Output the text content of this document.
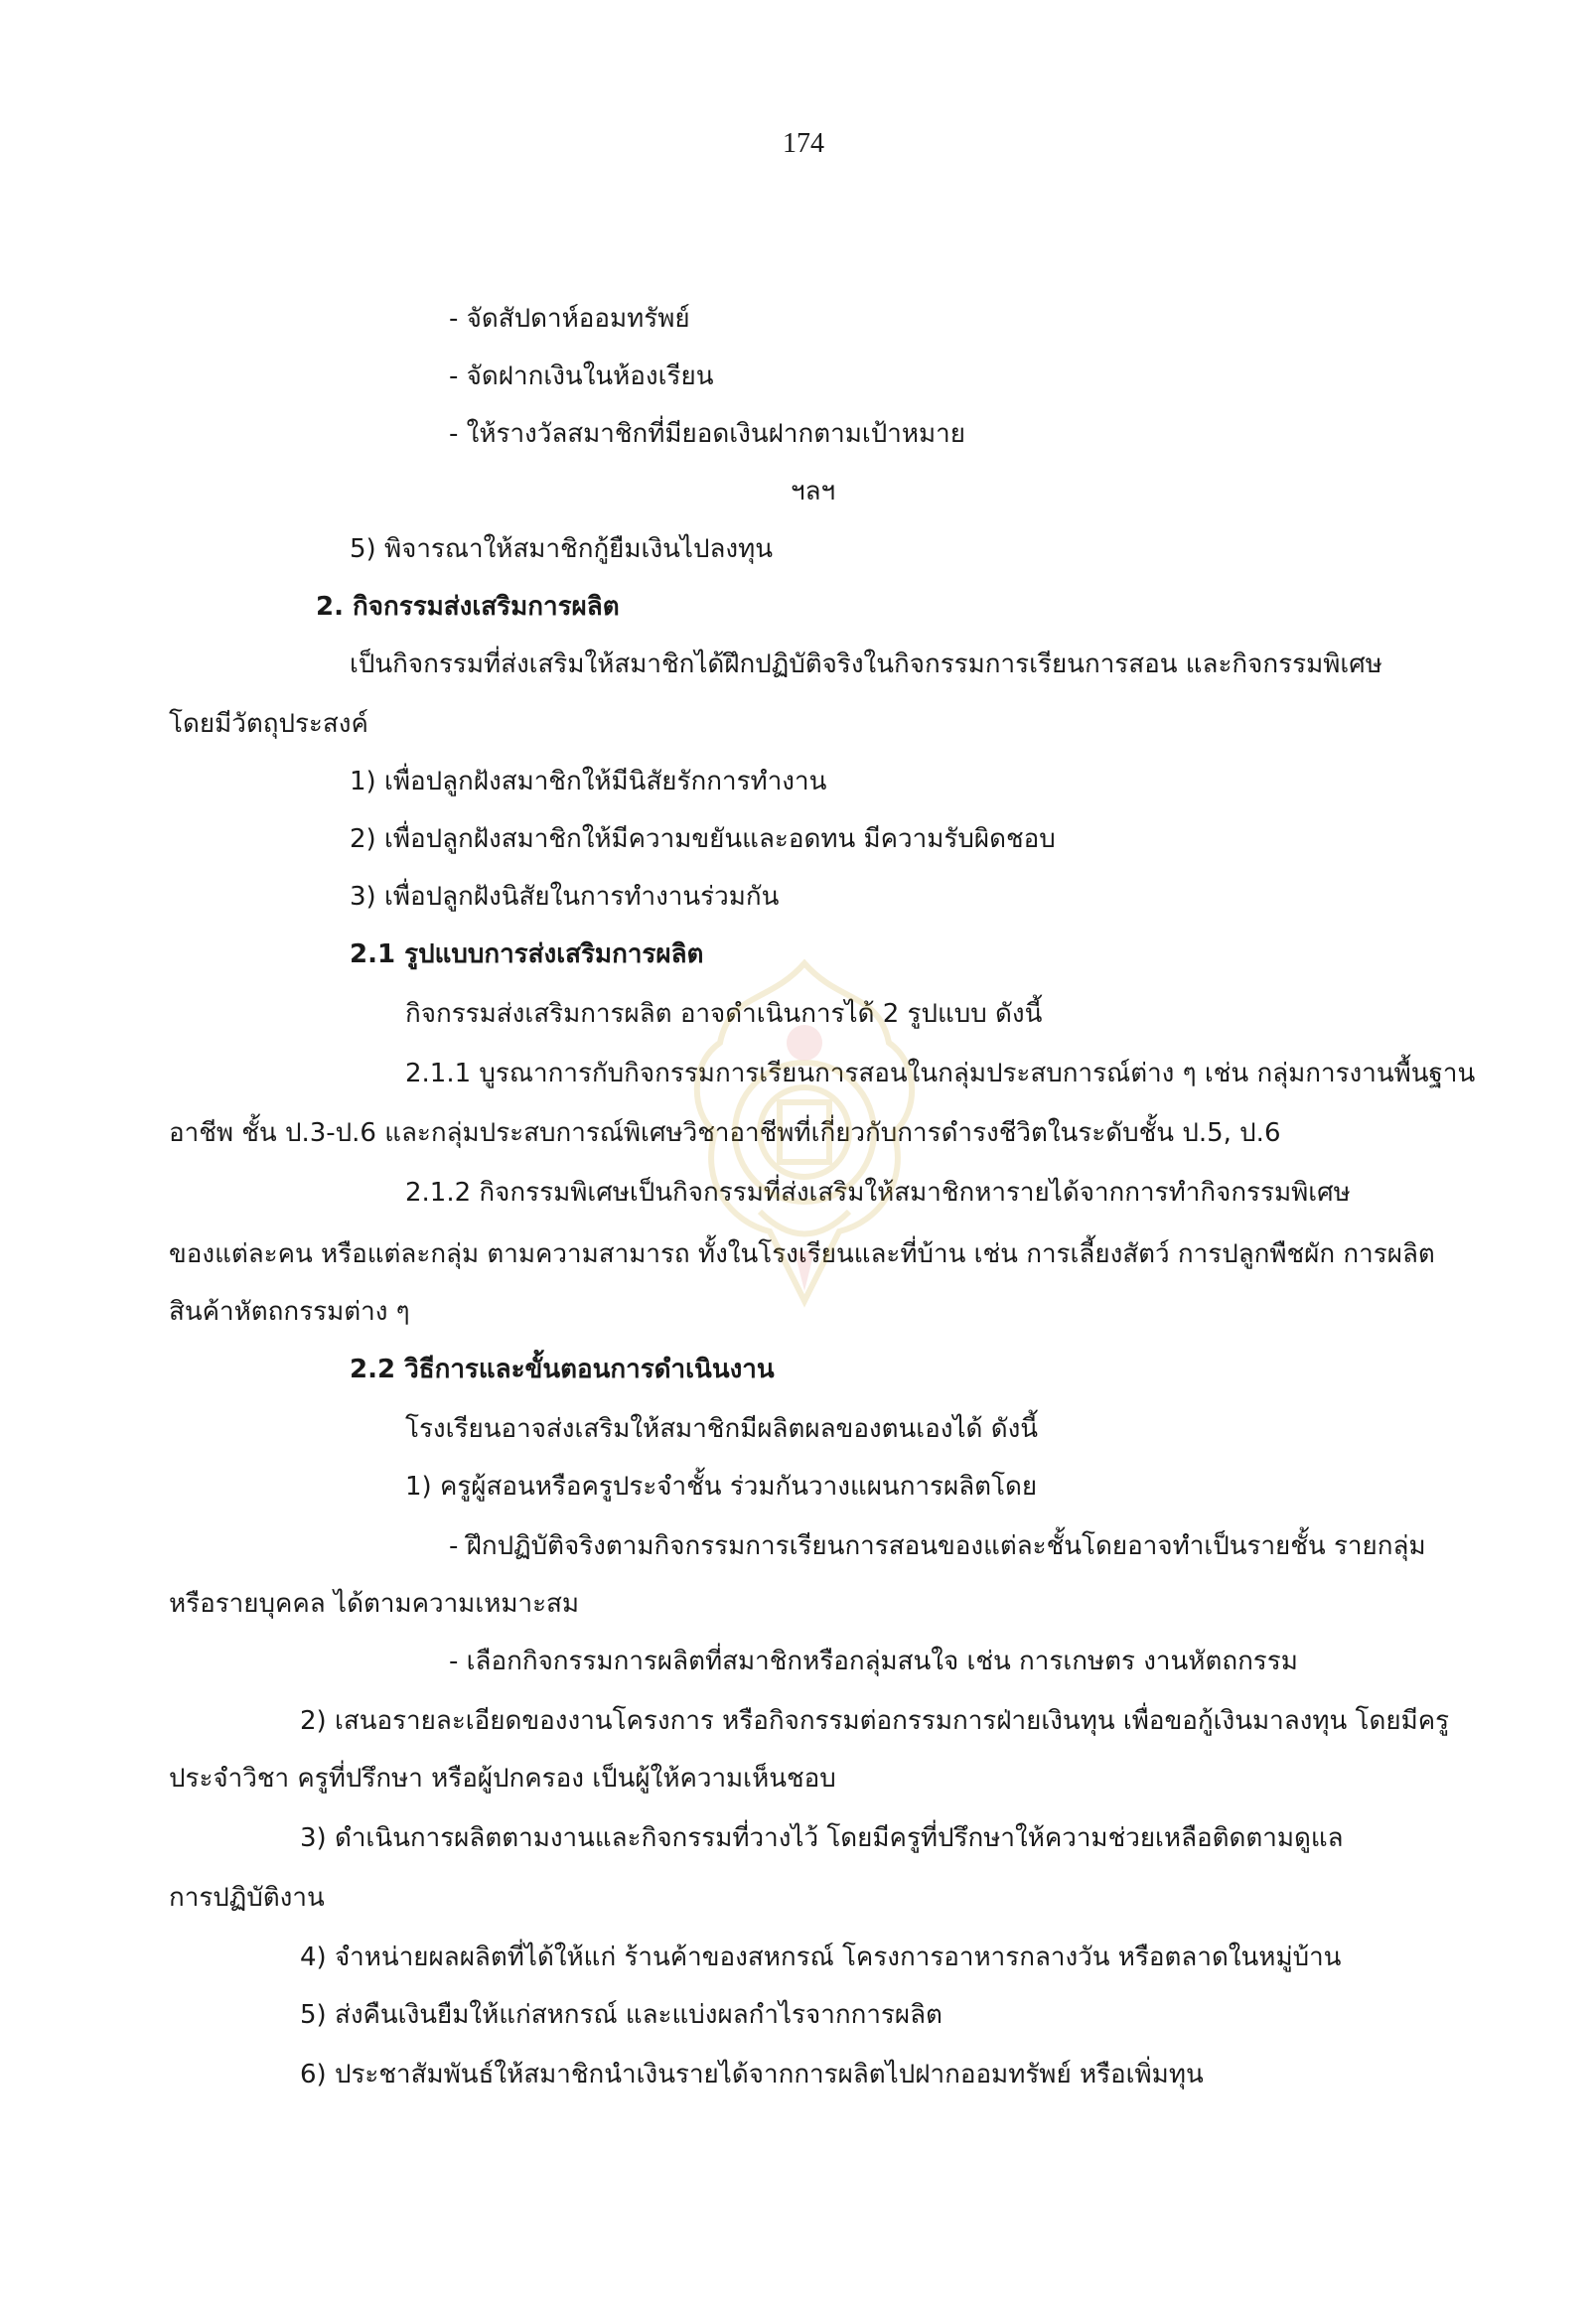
174
- จัดสัปดาห์ออมทรัพย์
- จัดฝากเงินในห้องเรียน
- ให้รางวัลสมาชิกที่มียอดเงินฝากตามเป้าหมาย
ฯลฯ
5) พิจารณาให้สมาชิกกู้ยืมเงินไปลงทุน
2. กิจกรรมส่งเสริมการผลิต
เป็นกิจกรรมที่ส่งเสริมให้สมาชิกได้ฝึกปฏิบัติจริงในกิจกรรมการเรียนการสอน และกิจกรรมพิเศษ
โดยมีวัตถุประสงค์
1) เพื่อปลูกฝังสมาชิกให้มีนิสัยรักการทำงาน
2) เพื่อปลูกฝังสมาชิกให้มีความขยันและอดทน มีความรับผิดชอบ
3) เพื่อปลูกฝังนิสัยในการทำงานร่วมกัน
2.1 รูปแบบการส่งเสริมการผลิต
กิจกรรมส่งเสริมการผลิต อาจดำเนินการได้ 2 รูปแบบ ดังนี้
2.1.1 บูรณาการกับกิจกรรมการเรียนการสอนในกลุ่มประสบการณ์ต่าง ๆ เช่น กลุ่มการงานพื้นฐาน
อาชีพ ชั้น ป.3-ป.6 และกลุ่มประสบการณ์พิเศษวิชาอาชีพที่เกี่ยวกับการดำรงชีวิตในระดับชั้น ป.5, ป.6
2.1.2 กิจกรรมพิเศษเป็นกิจกรรมที่ส่งเสริมให้สมาชิกหารายได้จากการทำกิจกรรมพิเศษ
ของแต่ละคน หรือแต่ละกลุ่ม ตามความสามารถ ทั้งในโรงเรียนและที่บ้าน เช่น การเลี้ยงสัตว์ การปลูกพืชผัก การผลิต
สินค้าหัตถกรรมต่าง ๆ
2.2 วิธีการและขั้นตอนการดำเนินงาน
โรงเรียนอาจส่งเสริมให้สมาชิกมีผลิตผลของตนเองได้ ดังนี้
1) ครูผู้สอนหรือครูประจำชั้น ร่วมกันวางแผนการผลิตโดย
- ฝึกปฏิบัติจริงตามกิจกรรมการเรียนการสอนของแต่ละชั้นโดยอาจทำเป็นรายชั้น รายกลุ่ม
หรือรายบุคคล ได้ตามความเหมาะสม
- เลือกกิจกรรมการผลิตที่สมาชิกหรือกลุ่มสนใจ เช่น การเกษตร งานหัตถกรรม
2) เสนอรายละเอียดของงานโครงการ หรือกิจกรรมต่อกรรมการฝ่ายเงินทุน เพื่อขอกู้เงินมาลงทุน โดยมีครู
ประจำวิชา ครูที่ปรึกษา หรือผู้ปกครอง เป็นผู้ให้ความเห็นชอบ
3) ดำเนินการผลิตตามงานและกิจกรรมที่วางไว้ โดยมีครูที่ปรึกษาให้ความช่วยเหลือติดตามดูแล
การปฏิบัติงาน
4) จำหน่ายผลผลิตที่ได้ให้แก่ ร้านค้าของสหกรณ์ โครงการอาหารกลางวัน หรือตลาดในหมู่บ้าน
5) ส่งคืนเงินยืมให้แก่สหกรณ์ และแบ่งผลกำไรจากการผลิต
6) ประชาสัมพันธ์ให้สมาชิกนำเงินรายได้จากการผลิตไปฝากออมทรัพย์ หรือเพิ่มทุน
